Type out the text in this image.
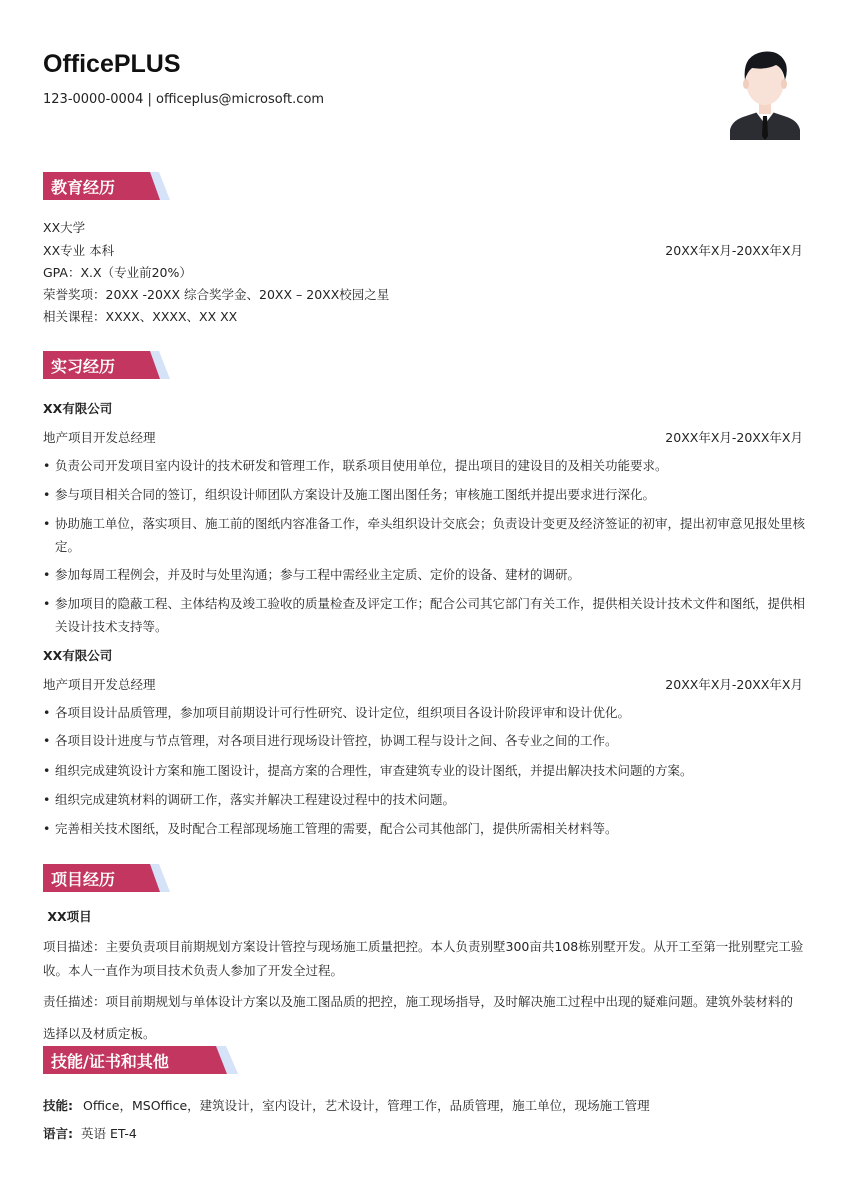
OfficePLUS
123-0000-0004 | officeplus@microsoft.com
教育经历
XX大学
XX专业 本科	20XX年X月-20XX年X月
GPA：X.X（专业前20%）
荣誉奖项：20XX -20XX 综合奖学金、20XX – 20XX校园之星
相关课程：XXXX、XXXX、XX XX
实习经历
XX有限公司
地产项目开发总经理	20XX年X月-20XX年X月
• 负责公司开发项目室内设计的技术研发和管理工作，联系项目使用单位，提出项目的建设目的及相关功能要求。
• 参与项目相关合同的签订，组织设计师团队方案设计及施工图出图任务；审核施工图纸并提出要求进行深化。
• 协助施工单位，落实项目、施工前的图纸内容准备工作，牵头组织设计交底会；负责设计变更及经济签证的初审，提出初审意见报处里核定。
• 参加每周工程例会，并及时与处里沟通；参与工程中需经业主定质、定价的设备、建材的调研。
• 参加项目的隐蔽工程、主体结构及竣工验收的质量检查及评定工作；配合公司其它部门有关工作，提供相关设计技术文件和图纸，提供相关设计技术支持等。
XX有限公司
地产项目开发总经理	20XX年X月-20XX年X月
• 各项目设计品质管理，参加项目前期设计可行性研究、设计定位，组织项目各设计阶段评审和设计优化。
• 各项目设计进度与节点管理，对各项目进行现场设计管控，协调工程与设计之间、各专业之间的工作。
• 组织完成建筑设计方案和施工图设计，提高方案的合理性，审查建筑专业的设计图纸，并提出解决技术问题的方案。
• 组织完成建筑材料的调研工作，落实并解决工程建设过程中的技术问题。
• 完善相关技术图纸，及时配合工程部现场施工管理的需要，配合公司其他部门，提供所需相关材料等。
项目经历
XX项目
项目描述：主要负责项目前期规划方案设计管控与现场施工质量把控。本人负责别墅300亩共108栋别墅开发。从开工至第一批别墅完工验收。本人一直作为项目技术负责人参加了开发全过程。
责任描述：项目前期规划与单体设计方案以及施工图品质的把控，施工现场指导，及时解决施工过程中出现的疑难问题。建筑外装材料的选择以及材质定板。
技能/证书和其他
技能: Office，MSOffice，建筑设计，室内设计，艺术设计，管理工作，品质管理，施工单位，现场施工管理
语言: 英语 ET-4
